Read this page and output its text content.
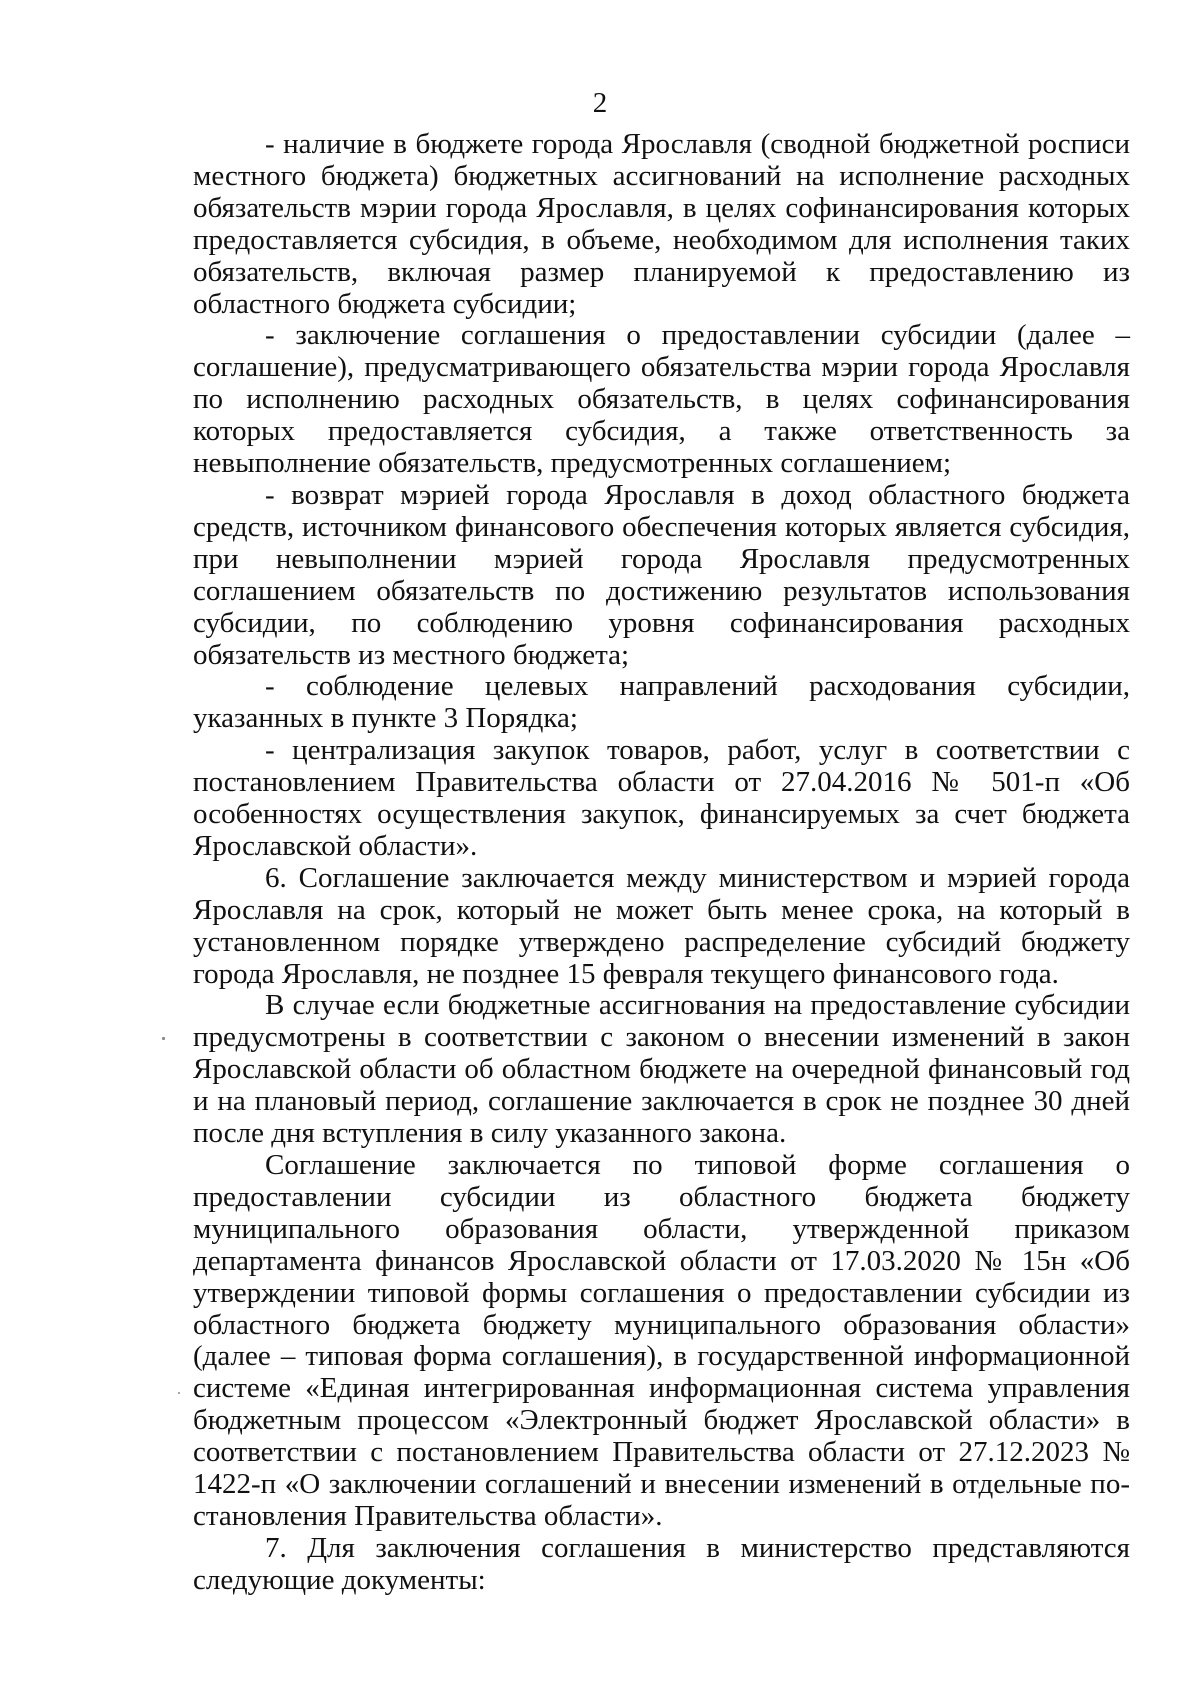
2

- наличие в бюджете города Ярославля (сводной бюджетной росписи местного бюджета) бюджетных ассигнований на исполнение расходных обязательств мэрии города Ярославля, в целях софинансирования которых предоставляется субсидия, в объеме, необходимом для исполнения таких обязательств, включая размер планируемой к предоставлению из областного бюджета субсидии;

- заключение соглашения о предоставлении субсидии (далее – соглашение), предусматривающего обязательства мэрии города Ярославля по исполнению расходных обязательств, в целях софинансирования которых предоставляется субсидия, а также ответственность за невыполнение обязательств, предусмотренных соглашением;

- возврат мэрией города Ярославля в доход областного бюджета средств, источником финансового обеспечения которых является субсидия, при невыполнении мэрией города Ярославля предусмотренных соглашением обязательств по достижению результатов использования субсидии, по соблюдению уровня софинансирования расходных обязательств из местного бюджета;

- соблюдение целевых направлений расходования субсидии, указанных в пункте 3 Порядка;

- централизация закупок товаров, работ, услуг в соответствии с постановлением Правительства области от 27.04.2016 № 501-п «Об особенностях осуществления закупок, финансируемых за счет бюджета Ярославской области».

6. Соглашение заключается между министерством и мэрией города Ярославля на срок, который не может быть менее срока, на который в установленном порядке утверждено распределение субсидий бюджету города Ярославля, не позднее 15 февраля текущего финансового года.

В случае если бюджетные ассигнования на предоставление субсидии предусмотрены в соответствии с законом о внесении изменений в закон Ярославской области об областном бюджете на очередной финансовый год и на плановый период, соглашение заключается в срок не позднее 30 дней после дня вступления в силу указанного закона.

Соглашение заключается по типовой форме соглашения о предоставлении субсидии из областного бюджета бюджету муниципального образования области, утвержденной приказом департамента финансов Ярославской области от 17.03.2020 № 15н «Об утверждении типовой формы соглашения о предоставлении субсидии из областного бюджета бюджету муниципального образования области» (далее – типовая форма соглашения), в государственной информационной системе «Единая интегрированная информационная система управления бюджетным процессом «Электронный бюджет Ярославской области» в соответствии с постановлением Правительства области от 27.12.2023 № 1422-п «О заключении соглашений и внесении изменений в отдельные постановления Правительства области».

7. Для заключения соглашения в министерство представляются следующие документы:
